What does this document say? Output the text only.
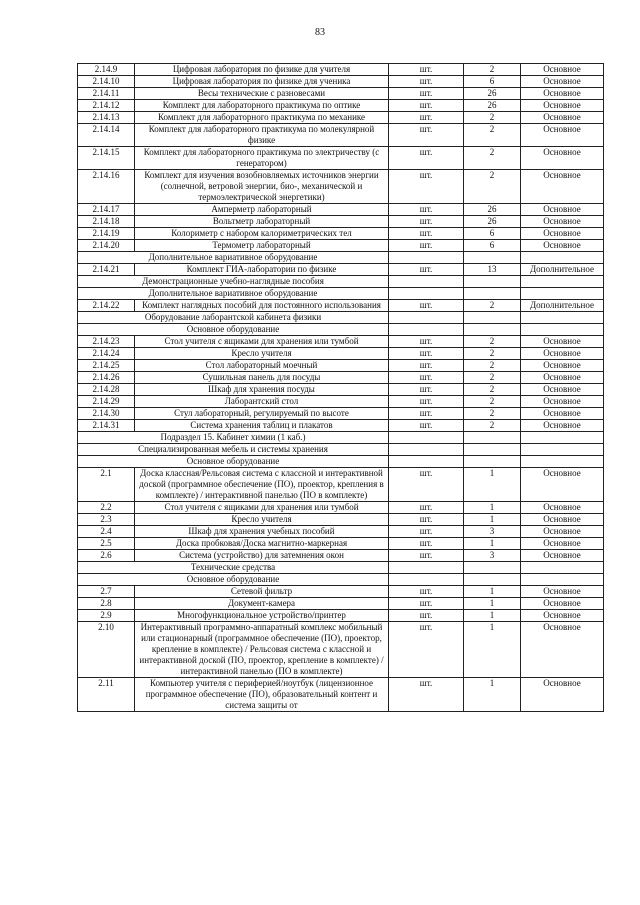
83
2.14.9	Цифровая лаборатория по физике для учителя	шт.	2	Основное
2.14.10	Цифровая лаборатория по физике для ученика	шт.	6	Основное
2.14.11	Весы технические с разновесами	шт.	26	Основное
2.14.12	Комплект для лабораторного практикума по оптике	шт.	26	Основное
2.14.13	Комплект для лабораторного практикума по механике	шт.	2	Основное
2.14.14	Комплект для лабораторного практикума по молекулярной физике	шт.	2	Основное
2.14.15	Комплект для лабораторного практикума по электричеству (с генератором)	шт.	2	Основное
2.14.16	Комплект для изучения возобновляемых источников энергии (солнечной, ветровой энергии, био-, механической и термоэлектрической энергетики)	шт.	2	Основное
2.14.17	Амперметр лабораторный	шт.	26	Основное
2.14.18	Вольтметр лабораторный	шт.	26	Основное
2.14.19	Колориметр с набором калориметрических тел	шт.	6	Основное
2.14.20	Термометр лабораторный	шт.	6	Основное
Дополнительное вариативное оборудование				
2.14.21	Комплект ГИА-лаборатории по физике	шт.	13	Дополнительное
Демонстрационные учебно-наглядные пособия				
Дополнительное вариативное оборудование				
2.14.22	Комплект наглядных пособий для постоянного использования	шт.	2	Дополнительное
Оборудование лаборантской кабинета физики				
Основное оборудование				
2.14.23	Стол учителя с ящиками для хранения или тумбой	шт.	2	Основное
2.14.24	Кресло учителя	шт.	2	Основное
2.14.25	Стол лабораторный моечный	шт.	2	Основное
2.14.26	Сушильная панель для посуды	шт.	2	Основное
2.14.28	Шкаф для хранения посуды	шт.	2	Основное
2.14.29	Лаборантский стол	шт.	2	Основное
2.14.30	Стул лабораторный, регулируемый по высоте	шт.	2	Основное
2.14.31	Система хранения таблиц и плакатов	шт.	2	Основное
Подраздел 15. Кабинет химии (1 каб.)				
Специализированная мебель и системы хранения				
Основное оборудование				
2.1	Доска классная/Рельсовая система с классной и интерактивной доской (программное обеспечение (ПО), проектор, крепления в комплекте) / интерактивной панелью (ПО в комплекте)	шт.	1	Основное
2.2	Стол учителя с ящиками для хранения или тумбой	шт.	1	Основное
2.3	Кресло учителя	шт.	1	Основное
2.4	Шкаф для хранения учебных пособий	шт.	3	Основное
2.5	Доска пробковая/Доска магнитно-маркерная	шт.	1	Основное
2.6	Система (устройство) для затемнения окон	шт.	3	Основное
Технические средства				
Основное оборудование				
2.7	Сетевой фильтр	шт.	1	Основное
2.8	Документ-камера	шт.	1	Основное
2.9	Многофункциональное устройство/принтер	шт.	1	Основное
2.10	Интерактивный программно-аппаратный комплекс мобильный или стационарный (программное обеспечение (ПО), проектор, крепление в комплекте) / Рельсовая система с классной и интерактивной доской (ПО, проектор, крепление в комплекте) / интерактивной панелью (ПО в комплекте)	шт.	1	Основное
2.11	Компьютер учителя с периферией/ноутбук (лицензионное программное обеспечение (ПО), образовательный контент и система защиты от	шт.	1	Основное
